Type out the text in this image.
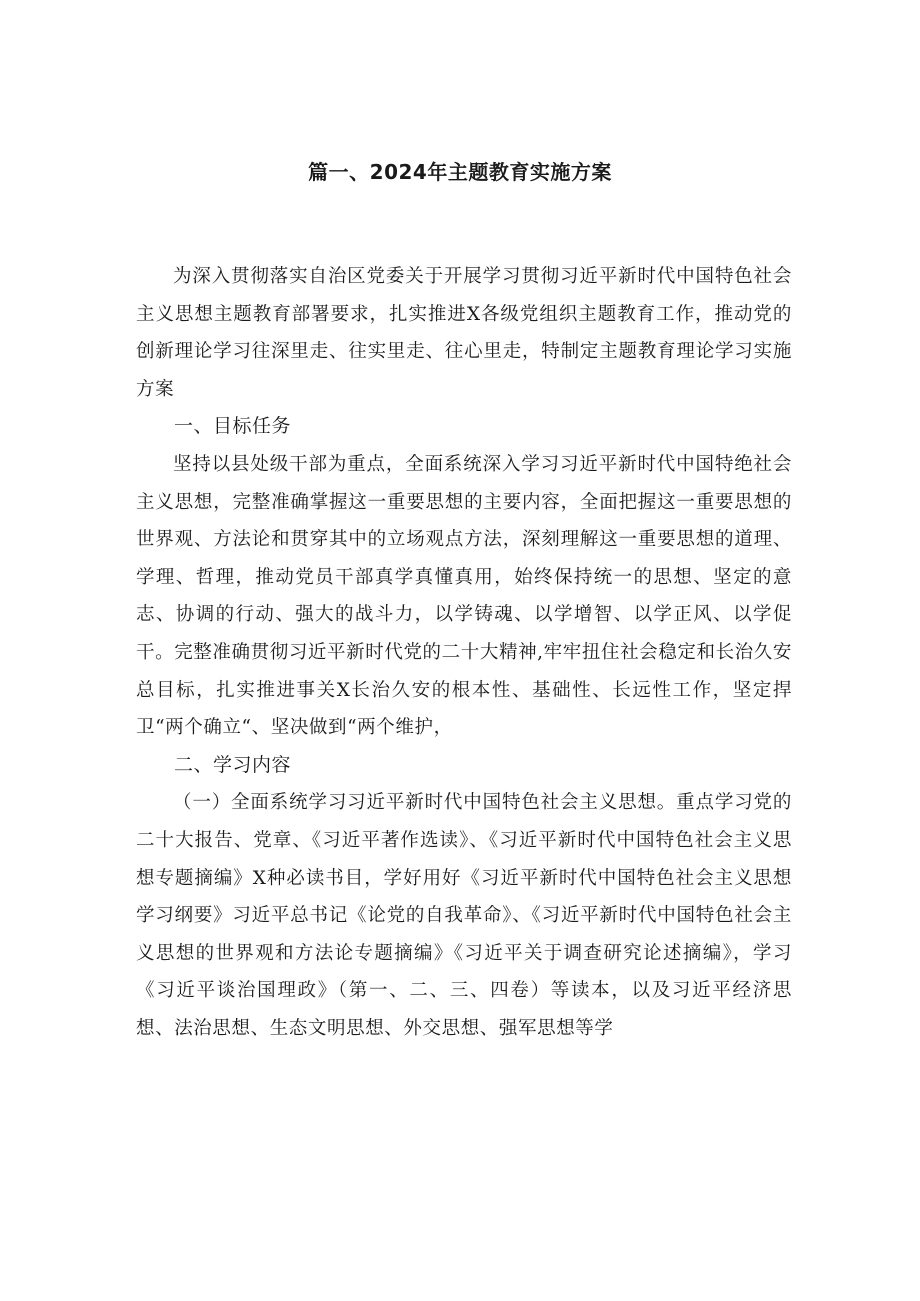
篇一、2024年主题教育实施方案

为深入贯彻落实自治区党委关于开展学习贯彻习近平新时代中国特色社会主义思想主题教育部署要求，扎实推进X各级党组织主题教育工作，推动党的创新理论学习往深里走、往实里走、往心里走，特制定主题教育理论学习实施方案

一、目标任务

坚持以县处级干部为重点，全面系统深入学习习近平新时代中国特绝社会主义思想，完整准确掌握这一重要思想的主要内容，全面把握这一重要思想的世界观、方法论和贯穿其中的立场观点方法，深刻理解这一重要思想的道理、学理、哲理，推动党员干部真学真懂真用，始终保持统一的思想、坚定的意志、协调的行动、强大的战斗力，以学铸魂、以学增智、以学正风、以学促干。完整准确贯彻习近平新时代党的二十大精神,牢牢扭住社会稳定和长治久安总目标，扎实推进事关X长治久安的根本性、基础性、长远性工作，坚定捍卫“两个确立“、坚决做到“两个维护，

二、学习内容

（一）全面系统学习习近平新时代中国特色社会主义思想。重点学习党的二十大报告、党章、《习近平著作选读》、《习近平新时代中国特色社会主义思想专题摘编》X种必读书目，学好用好《习近平新时代中国特色社会主义思想学习纲要》习近平总书记《论党的自我革命》、《习近平新时代中国特色社会主义思想的世界观和方法论专题摘编》《习近平关于调查研究论述摘编》，学习《习近平谈治国理政》（第一、二、三、四卷）等读本，以及习近平经济思想、法治思想、生态文明思想、外交思想、强军思想等学
